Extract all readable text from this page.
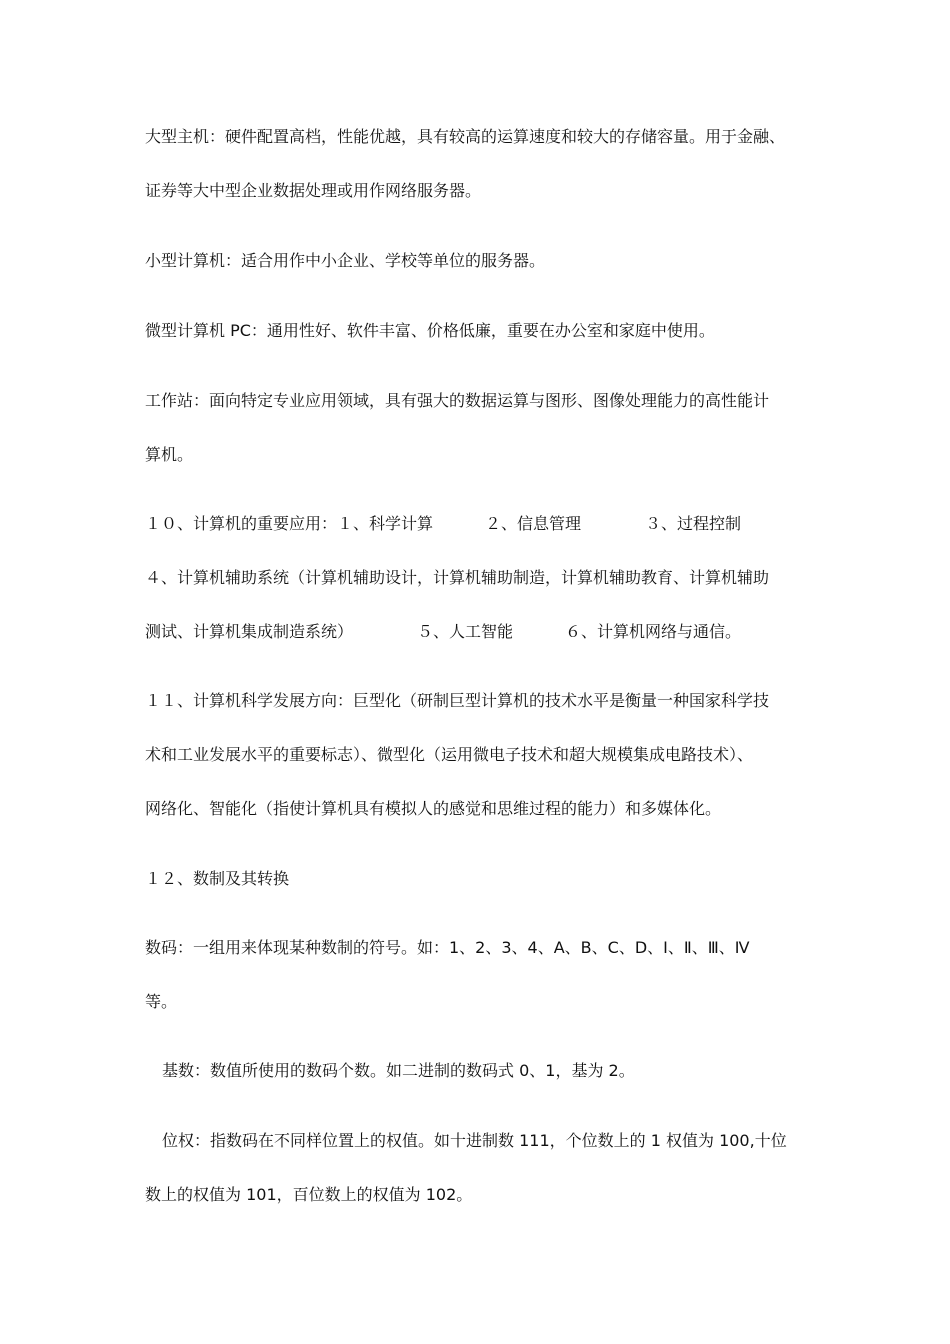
大型主机：硬件配置高档，性能优越，具有较高的运算速度和较大的存储容量。用于金融、

证券等大中型企业数据处理或用作网络服务器。

小型计算机：适合用作中小企业、学校等单位的服务器。

微型计算机 PC：通用性好、软件丰富、价格低廉，重要在办公室和家庭中使用。

工作站：面向特定专业应用领域，具有强大的数据运算与图形、图像处理能力的高性能计

算机。

１０、计算机的重要应用：１、科学计算	２、信息管理	３、过程控制

４、计算机辅助系统（计算机辅助设计，计算机辅助制造，计算机辅助教育、计算机辅助

测试、计算机集成制造系统）	５、人工智能	６、计算机网络与通信。

１１、计算机科学发展方向：巨型化（研制巨型计算机的技术水平是衡量一种国家科学技

术和工业发展水平的重要标志）、微型化（运用微电子技术和超大规模集成电路技术）、

网络化、智能化（指使计算机具有模拟人的感觉和思维过程的能力）和多媒体化。

１２、数制及其转换

数码：一组用来体现某种数制的符号。如：1、2、3、4、A、B、C、D、Ⅰ、Ⅱ、Ⅲ、Ⅳ

等。

基数：数值所使用的数码个数。如二进制的数码式 0、1，基为 2。

位权：指数码在不同样位置上的权值。如十进制数 111，个位数上的 1 权值为 100,十位

数上的权值为 101，百位数上的权值为 102。
